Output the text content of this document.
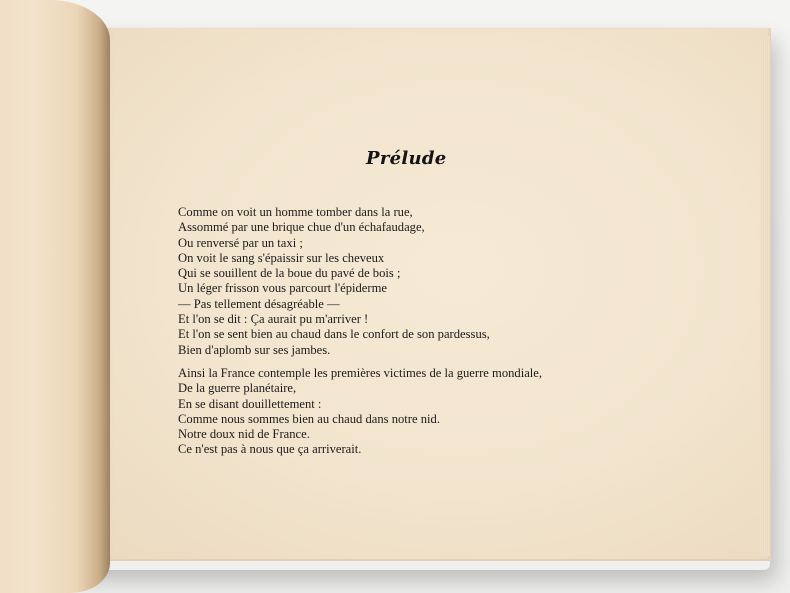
Prélude
Comme on voit un homme tomber dans la rue,
Assommé par une brique chue d'un échafaudage,
Ou renversé par un taxi ;
On voit le sang s'épaissir sur les cheveux
Qui se souillent de la boue du pavé de bois ;
Un léger frisson vous parcourt l'épiderme
— Pas tellement désagréable —
Et l'on se dit : Ça aurait pu m'arriver !
Et l'on se sent bien au chaud dans le confort de son pardessus,
Bien d'aplomb sur ses jambes.
Ainsi la France contemple les premières victimes de la guerre mondiale,
De la guerre planétaire,
En se disant douillettement :
Comme nous sommes bien au chaud dans notre nid.
Notre doux nid de France.
Ce n'est pas à nous que ça arriverait.
